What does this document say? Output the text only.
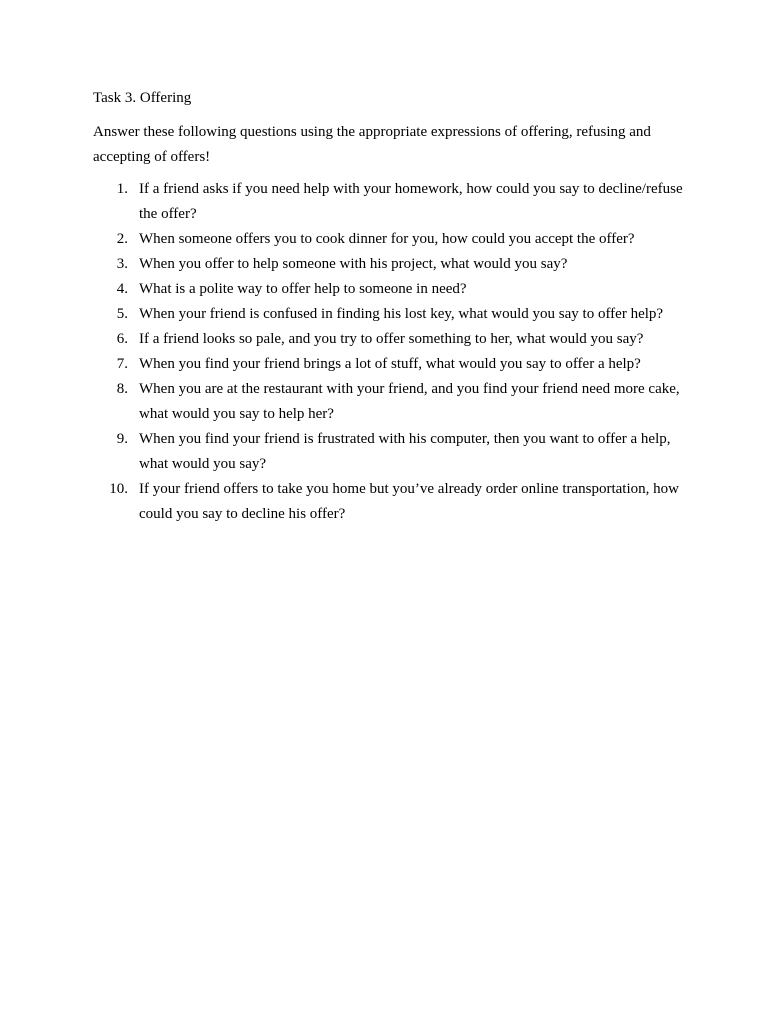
Task 3. Offering

Answer these following questions using the appropriate expressions of offering, refusing and accepting of offers!

1. If a friend asks if you need help with your homework, how could you say to decline/refuse the offer?
2. When someone offers you to cook dinner for you, how could you accept the offer?
3. When you offer to help someone with his project, what would you say?
4. What is a polite way to offer help to someone in need?
5. When your friend is confused in finding his lost key, what would you say to offer help?
6. If a friend looks so pale, and you try to offer something to her, what would you say?
7. When you find your friend brings a lot of stuff, what would you say to offer a help?
8. When you are at the restaurant with your friend, and you find your friend need more cake, what would you say to help her?
9. When you find your friend is frustrated with his computer, then you want to offer a help, what would you say?
10. If your friend offers to take you home but you’ve already order online transportation, how could you say to decline his offer?
